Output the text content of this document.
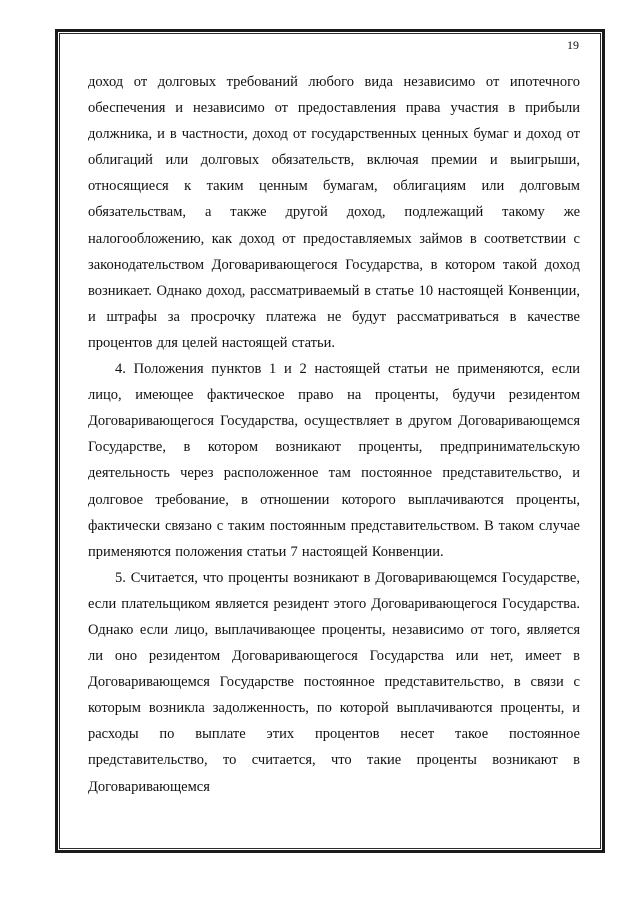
19

доход от долговых требований любого вида независимо от ипотечного обеспечения и независимо от предоставления права участия в прибыли должника, и в частности, доход от государственных ценных бумаг и доход от облигаций или долговых обязательств, включая премии и выигрыши, относящиеся к таким ценным бумагам, облигациям или долговым обязательствам, а также другой доход, подлежащий такому же налогообложению, как доход от предоставляемых займов в соответствии с законодательством Договаривающегося Государства, в котором такой доход возникает. Однако доход, рассматриваемый в статье 10 настоящей Конвенции, и штрафы за просрочку платежа не будут рассматриваться в качестве процентов для целей настоящей статьи.

4. Положения пунктов 1 и 2 настоящей статьи не применяются, если лицо, имеющее фактическое право на проценты, будучи резидентом Договаривающегося Государства, осуществляет в другом Договаривающемся Государстве, в котором возникают проценты, предпринимательскую деятельность через расположенное там постоянное представительство, и долговое требование, в отношении которого выплачиваются проценты, фактически связано с таким постоянным представительством. В таком случае применяются положения статьи 7 настоящей Конвенции.

5. Считается, что проценты возникают в Договаривающемся Государстве, если плательщиком является резидент этого Договаривающегося Государства. Однако если лицо, выплачивающее проценты, независимо от того, является ли оно резидентом Договаривающегося Государства или нет, имеет в Договаривающемся Государстве постоянное представительство, в связи с которым возникла задолженность, по которой выплачиваются проценты, и расходы по выплате этих процентов несет такое постоянное представительство, то считается, что такие проценты возникают в Договаривающемся
